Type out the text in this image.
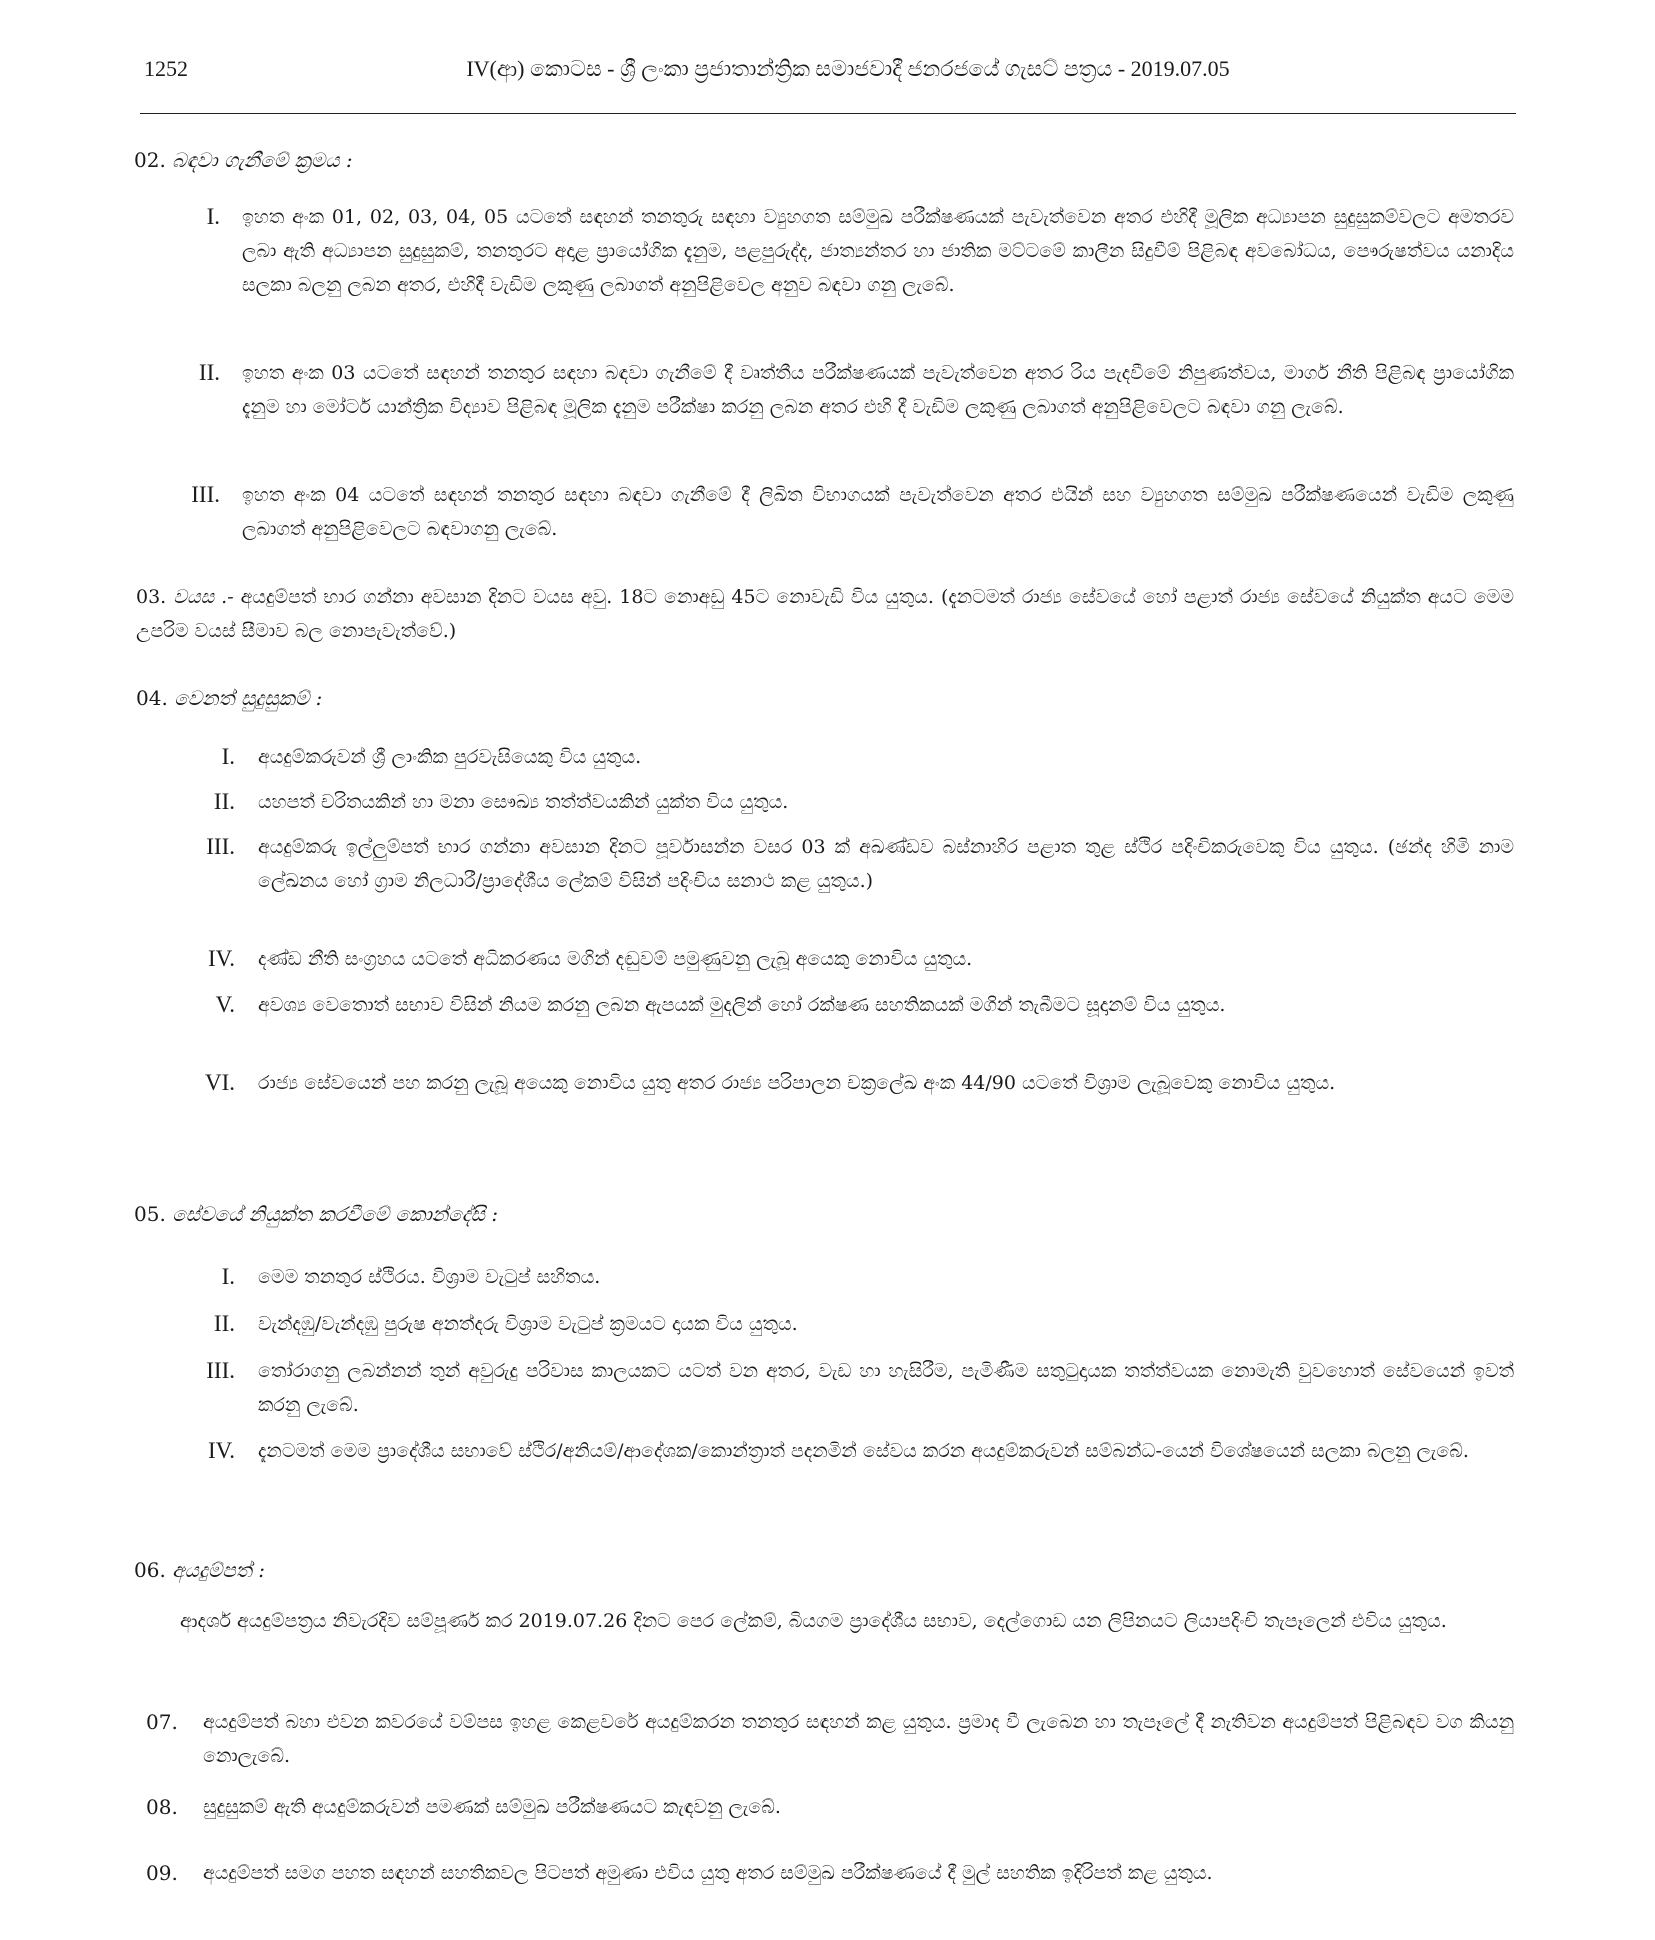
1252	IV(ආ) කොටස - ශ්‍රී ලංකා ප්‍රජාතාන්ත්‍රික සමාජවාදී ජනරජයේ ගැසට් පත්‍රය - 2019.07.05
02. බඳවා ගැනීමේ ක්‍රමය :
I. ඉහත අංක 01, 02, 03, 04, 05 යටතේ සඳහන් තනතුරු සඳහා ව්‍යුහගත සම්මුඛ පරීක්ෂණයක් පැවැත්වෙන අතර එහිදී මූලික අධ්‍යාපන සුදුසුකම්වලට අමතරව ලබා ඇති අධ්‍යාපන සුදුසුකම්, තනතුරට අදාළ ප්‍රායෝගික දැනුම, පළපුරුද්ද, ජාත්‍යන්තර හා ජාතික මට්ටමේ කාලීන සිදුවීම් පිළිබඳ අවබෝධය, පෞරුෂත්වය යනාදිය සලකා බලනු ලබන අතර, එහිදී වැඩිම ලකුණු ලබාගත් අනුපිළිවෙල අනුව බඳවා ගනු ලැබේ.
II. ඉහත අංක 03 යටතේ සඳහන් තනතුර සඳහා බඳවා ගැනීමේ දී වෘත්තීය පරීක්ෂණයක් පැවැත්වෙන අතර රිය පැදවීමේ නිපුණත්වය, මාර්ග නීති පිළිබඳ ප්‍රායෝගික දැනුම හා මෝටර් යාන්ත්‍රික විද්‍යාව පිළිබඳ මූලික දැනුම පරීක්ෂා කරනු ලබන අතර එහි දී වැඩිම ලකුණු ලබාගත් අනුපිළිවෙලට බඳවා ගනු ලැබේ.
III. ඉහත අංක 04 යටතේ සඳහන් තනතුර සඳහා බඳවා ගැනීමේ දී ලිඛිත විභාගයක් පැවැත්වෙන අතර එයින් සහ ව්‍යුහගත සම්මුඛ පරීක්ෂණයෙන් වැඩිම ලකුණු ලබාගත් අනුපිළිවෙලට බඳවාගනු ලැබේ.
03. වයස .- අයදුම්පත් භාර ගන්නා අවසාන දිනට වයස අවු. 18ට නොඅඩු 45ට නොවැඩි විය යුතුය. (දැනටමත් රාජ්‍ය සේවයේ හෝ පළාත් රාජ්‍ය සේවයේ නියුක්ත අයට මෙම උපරිම වයස් සීමාව බල නොපැවැත්වේ.)
04. වෙනත් සුදුසුකම් :
I. අයදුම්කරුවන් ශ්‍රී ලාංකික පුරවැසියෙකු විය යුතුය.
II. යහපත් චරිතයකින් හා මනා සෞඛ්‍ය තත්ත්වයකින් යුක්ත විය යුතුය.
III. අයදුම්කරු ඉල්ලුම්පත් භාර ගන්නා අවසාන දිනට පූර්වාසන්න වසර 03 ක් අඛණ්ඩව බස්නාහිර පළාත තුළ ස්ථිර පදිංචිකරුවෙකු විය යුතුය. (ඡන්ද හිමි නාම ලේඛනය හෝ ග්‍රාම නිලධාරී/ප්‍රාදේශීය ලේකම් විසින් පදිංචිය සනාථ කළ යුතුය.)
IV. දණ්ඩ නීති සංග්‍රහය යටතේ අධිකරණය මගින් දඬුවම් පමුණුවනු ලැබූ අයෙකු නොවිය යුතුය.
V. අවශ්‍ය වෙතොත් සභාව විසින් නියම කරනු ලබන ඇපයක් මුදලින් හෝ රක්ෂණ සහතිකයක් මගින් තැබීමට සූදානම් විය යුතුය.
VI. රාජ්‍ය සේවයෙන් පහ කරනු ලැබූ අයෙකු නොවිය යුතු අතර රාජ්‍ය පරිපාලන චක්‍රලේඛ අංක 44/90 යටතේ විශ්‍රාම ලැබූවෙකු නොවිය යුතුය.
05. සේවයේ නියුක්ත කරවීමේ කොන්දේසි :
I. මෙම තනතුර ස්ථිරය. විශ්‍රාම වැටුප් සහිතය.
II. වැන්දඹු/වැන්දඹු පුරුෂ අනත්දරු විශ්‍රාම වැටුප් ක්‍රමයට දායක විය යුතුය.
III. තෝරාගනු ලබන්නන් තුන් අවුරුදු පරිවාස කාලයකට යටත් වන අතර, වැඩ හා හැසිරීම, පැමිණීම සතුටුදායක තත්ත්වයක නොමැති වුවහොත් සේවයෙන් ඉවත් කරනු ලැබේ.
IV. දැනටමත් මෙම ප්‍රාදේශීය සභාවේ ස්ථිර/අනියම්/ආදේශක/කොන්ත්‍රාත් පදනමින් සේවය කරන අයදුම්කරුවන් සම්බන්ධ-යෙන් විශේෂයෙන් සලකා බලනු ලැබේ.
06. අයදුම්පත් :
ආදර්ශ අයදුම්පත්‍රය නිවැරදිව සම්පූර්ණ කර 2019.07.26 දිනට පෙර ලේකම්, බියගම ප්‍රාදේශීය සභාව, දෙල්ගොඩ යන ලිපිනයට ලියාපදිංචි තැපෑලෙන් එවිය යුතුය.
07. අයදුම්පත් බහා එවන කවරයේ වම්පස ඉහළ කෙළවරේ අයදුම්කරන තනතුර සඳහන් කළ යුතුය. ප්‍රමාද වී ලැබෙන හා තැපෑලේ දී නැතිවන අයදුම්පත් පිළිබඳව වග කියනු නොලැබේ.
08. සුදුසුකම් ඇති අයදුම්කරුවන් පමණක් සම්මුඛ පරීක්ෂණයට කැඳවනු ලැබේ.
09. අයදුම්පත් සමග පහත සඳහන් සහතිකවල පිටපත් අමුණා එවිය යුතු අතර සම්මුඛ පරීක්ෂණයේ දී මුල් සහතික ඉදිරිපත් කළ යුතුය.
